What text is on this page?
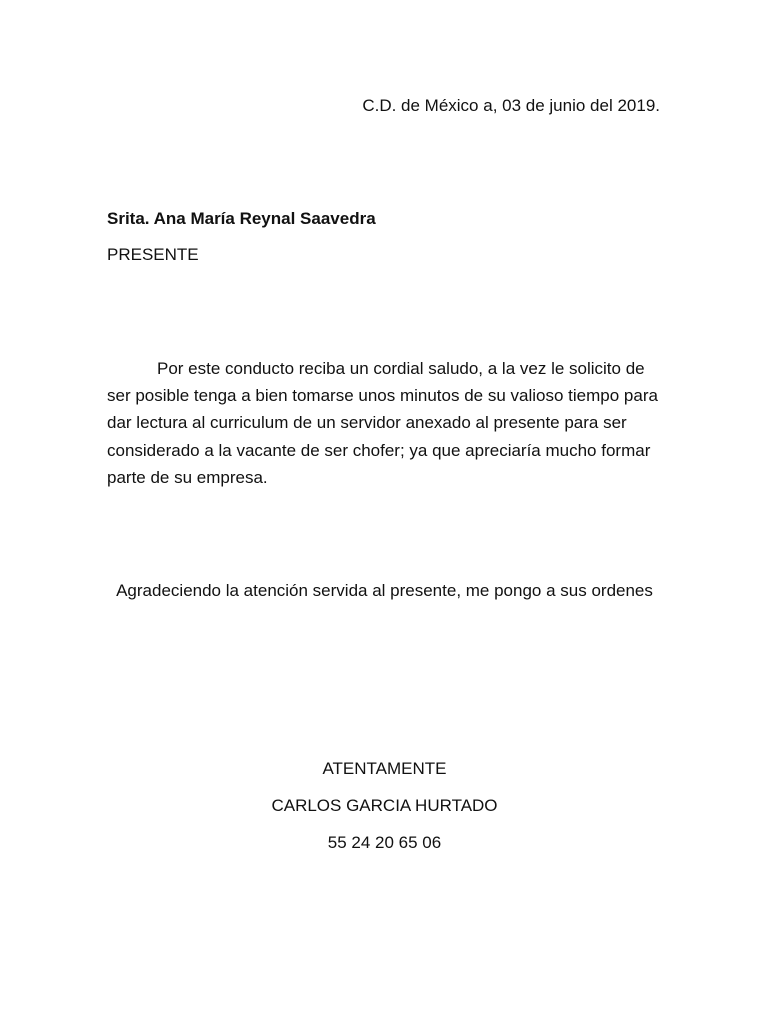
C.D. de México a, 03 de junio del 2019.
Srita. Ana María Reynal Saavedra
PRESENTE

Por este conducto reciba un cordial saludo, a la vez le solicito de ser posible tenga a bien tomarse unos minutos de su valioso tiempo para dar lectura al curriculum de un servidor anexado al presente para ser considerado a la vacante de ser chofer; ya que apreciaría mucho formar parte de su empresa.

Agradeciendo la atención servida al presente, me pongo a sus ordenes

ATENTAMENTE
CARLOS GARCIA HURTADO
55 24 20 65 06
